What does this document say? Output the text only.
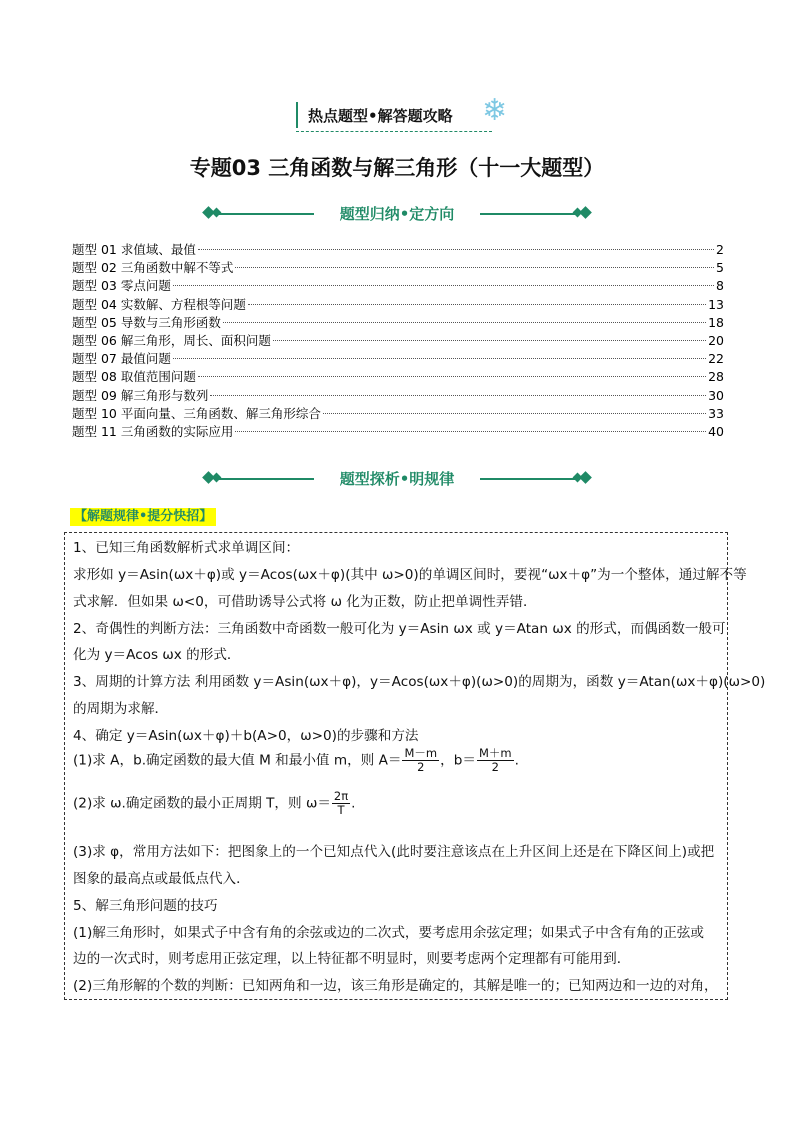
热点题型•解答题攻略 ❄
专题03 三角函数与解三角形（十一大题型）
题型归纳•定方向
题型 01 求值域、最值	2
题型 02 三角函数中解不等式	5
题型 03 零点问题	8
题型 04 实数解、方程根等问题	13
题型 05 导数与三角形函数	18
题型 06 解三角形，周长、面积问题	20
题型 07 最值问题	22
题型 08 取值范围问题	28
题型 09 解三角形与数列	30
题型 10 平面向量、三角函数、解三角形综合	33
题型 11 三角函数的实际应用	40
题型探析•明规律
【解题规律•提分快招】
1、已知三角函数解析式求单调区间：
求形如 y＝Asin(ωx＋φ)或 y＝Acos(ωx＋φ)(其中 ω>0)的单调区间时，要视“ωx＋φ”为一个整体，通过解不等
式求解．但如果 ω<0，可借助诱导公式将 ω 化为正数，防止把单调性弄错．
2、奇偶性的判断方法：三角函数中奇函数一般可化为 y＝Asin ωx 或 y＝Atan ωx 的形式，而偶函数一般可
化为 y＝Acos ωx 的形式．
3、周期的计算方法 利用函数 y＝Asin(ωx＋φ)，y＝Acos(ωx＋φ)(ω>0)的周期为，函数 y＝Atan(ωx＋φ)(ω>0)
的周期为求解．
4、确定 y＝Asin(ωx＋φ)＋b(A>0，ω>0)的步骤和方法
(1)求 A，b.确定函数的最大值 M 和最小值 m，则 $A= \frac{M-m}{2}$ ，$b= \frac{M+m}{2}$ .
(2)求 ω.确定函数的最小正周期 T，则 $\omega= \frac{2\pi}{T}$ .
(3)求 φ，常用方法如下：把图象上的一个已知点代入(此时要注意该点在上升区间上还是在下降区间上)或把
图象的最高点或最低点代入．
5、解三角形问题的技巧
(1)解三角形时，如果式子中含有角的余弦或边的二次式，要考虑用余弦定理；如果式子中含有角的正弦或
边的一次式时，则考虑用正弦定理，以上特征都不明显时，则要考虑两个定理都有可能用到．
(2)三角形解的个数的判断：已知两角和一边，该三角形是确定的，其解是唯一的；已知两边和一边的对角，
